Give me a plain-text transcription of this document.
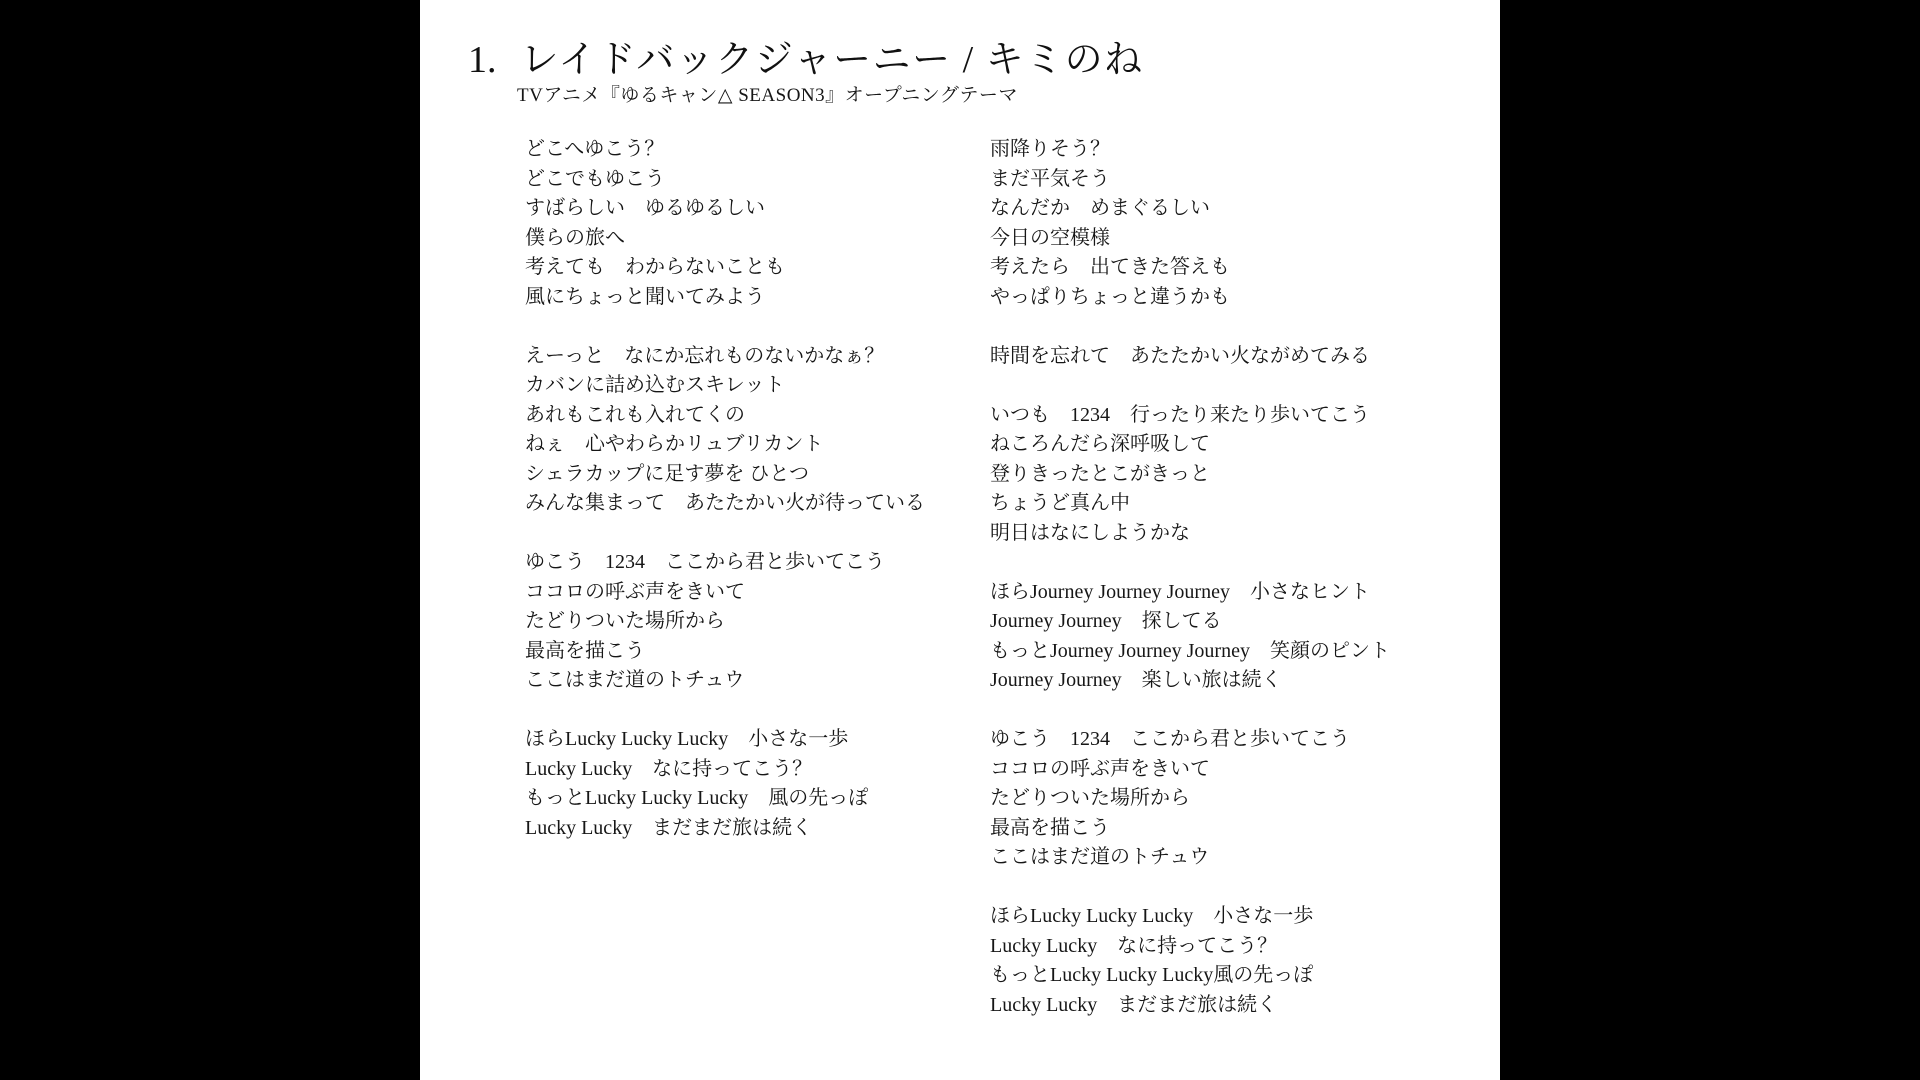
1. レイドバックジャーニー / キミのね
TVアニメ『ゆるキャン△ SEASON3』オープニングテーマ
どこへゆこう？
どこでもゆこう
すばらしい　ゆるゆるしい
僕らの旅へ
考えても　わからないことも
風にちょっと聞いてみよう
えーっと　なにか忘れものないかなぁ？
カバンに詰め込むスキレット
あれもこれも入れてくの
ねぇ　心やわらかリュブリカント
シェラカップに足す夢を ひとつ
みんな集まって　あたたかい火が待っている
ゆこう　1234　ここから君と歩いてこう
ココロの呼ぶ声をきいて
たどりついた場所から
最高を描こう
ここはまだ道のトチュウ
ほらLucky Lucky Lucky　小さな一歩
Lucky Lucky　なに持ってこう？
もっとLucky Lucky Lucky　風の先っぽ
Lucky Lucky　まだまだ旅は続く
雨降りそう？
まだ平気そう
なんだか　めまぐるしい
今日の空模様
考えたら　出てきた答えも
やっぱりちょっと違うかも
時間を忘れて　あたたかい火ながめてみる
いつも　1234　行ったり来たり歩いてこう
ねころんだら深呼吸して
登りきったとこがきっと
ちょうど真ん中
明日はなにしようかな
ほらJourney Journey Journey　小さなヒント
Journey Journey　探してる
もっとJourney Journey Journey　笑顔のピント
Journey Journey　楽しい旅は続く
ゆこう　1234　ここから君と歩いてこう
ココロの呼ぶ声をきいて
たどりついた場所から
最高を描こう
ここはまだ道のトチュウ
ほらLucky Lucky Lucky　小さな一歩
Lucky Lucky　なに持ってこう？
もっとLucky Lucky Lucky風の先っぽ
Lucky Lucky　まだまだ旅は続く
